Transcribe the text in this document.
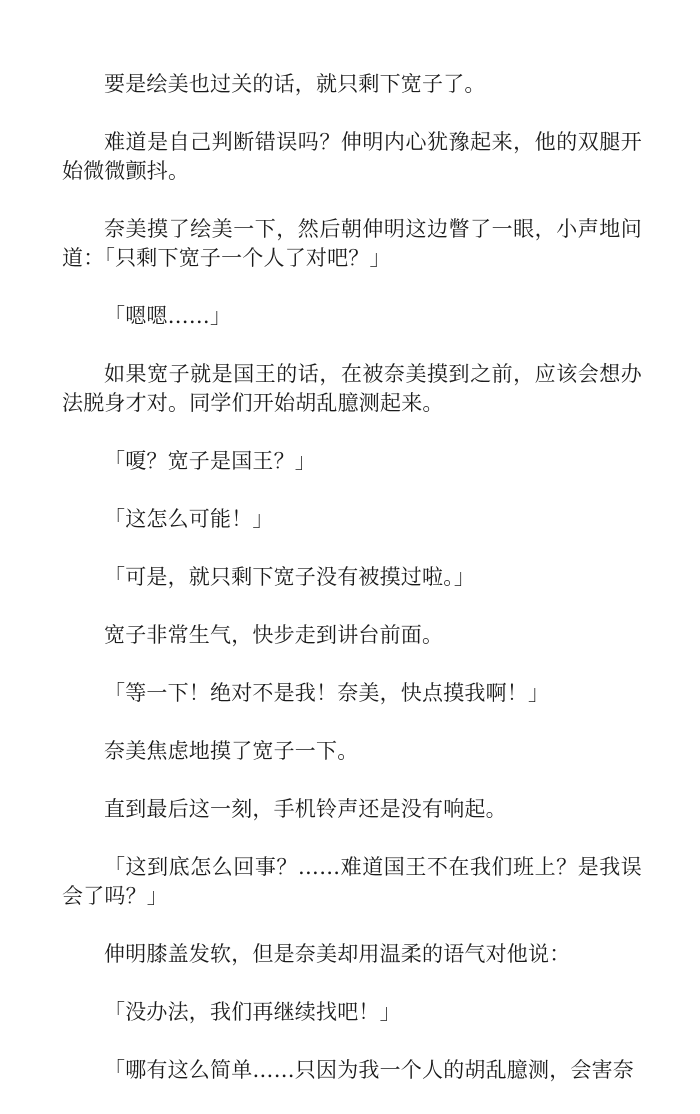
要是绘美也过关的话，就只剩下宽子了。

难道是自己判断错误吗？伸明内心犹豫起来，他的双腿开始微微颤抖。

奈美摸了绘美一下，然后朝伸明这边瞥了一眼，小声地问道：「只剩下宽子一个人了对吧？」

「嗯嗯……」

如果宽子就是国王的话，在被奈美摸到之前，应该会想办法脱身才对。同学们开始胡乱臆测起来。

「嗄？宽子是国王？」

「这怎么可能！」

「可是，就只剩下宽子没有被摸过啦。」

宽子非常生气，快步走到讲台前面。

「等一下！绝对不是我！奈美，快点摸我啊！」

奈美焦虑地摸了宽子一下。

直到最后这一刻，手机铃声还是没有响起。

「这到底怎么回事？……难道国王不在我们班上？是我误会了吗？」

伸明膝盖发软，但是奈美却用温柔的语气对他说：

「没办法，我们再继续找吧！」

「哪有这么简单……只因为我一个人的胡乱臆测，会害奈
